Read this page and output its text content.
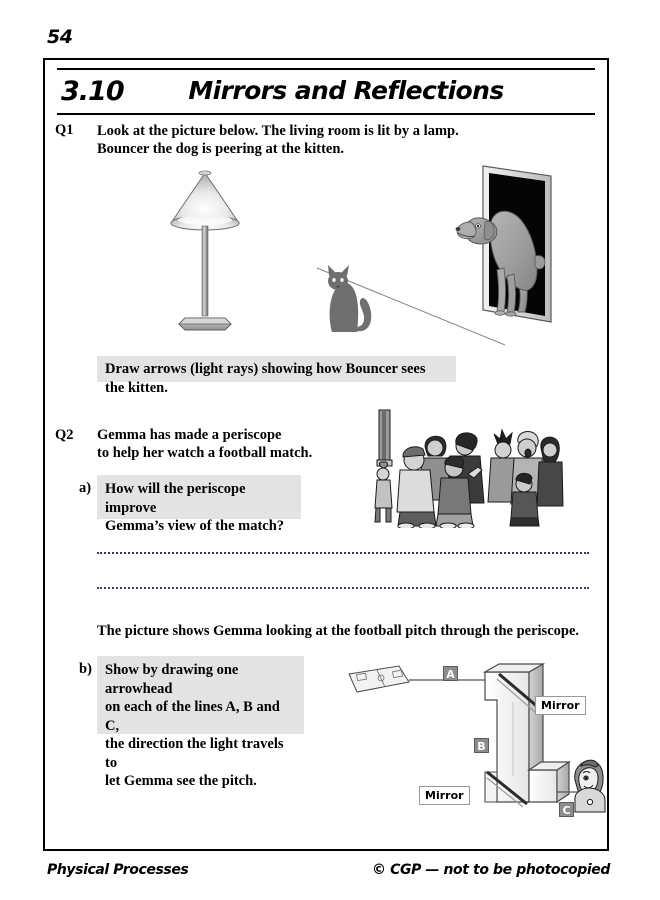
54
3.10	Mirrors and Reflections
Q1 Look at the picture below. The living room is lit by a lamp.
Bouncer the dog is peering at the kitten.
Draw arrows (light rays) showing how Bouncer sees the kitten.
Q2 Gemma has made a periscope
to help her watch a football match.
a) How will the periscope improve
Gemma’s view of the match?
The picture shows Gemma looking at the football pitch through the periscope.
b) Show by drawing one arrowhead
on each of the lines A, B and C,
the direction the light travels to
let Gemma see the pitch.
A
B
C
Mirror
Mirror
Physical Processes	© CGP — not to be photocopied
